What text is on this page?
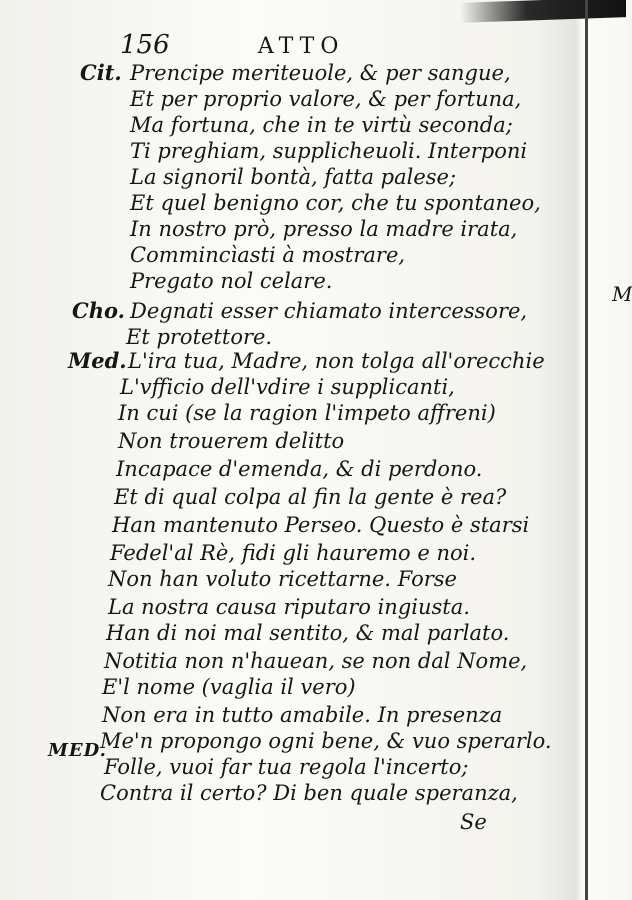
M
156	ATTO
Cit.
Cho.
Med.
MED.
Prencipe meriteuole, & per sangue,
Et per proprio valore, & per fortuna,
Ma fortuna, che in te virtù seconda;
Ti preghiam, supplicheuoli. Interponi
La signoril bontà, fatta palese;
Et quel benigno cor, che tu spontaneo,
In nostro prò, presso la madre irata,
Commincìasti à mostrare,
Pregato nol celare.
Degnati esser chiamato intercessore,
Et protettore.
L'ira tua, Madre, non tolga all'orecchie
L'vfficio dell'vdire i supplicanti,
In cui (se la ragion l'impeto affreni)
Non trouerem delitto
Incapace d'emenda, & di perdono.
Et di qual colpa al fin la gente è rea?
Han mantenuto Perseo. Questo è starsi
Fedel'al Rè, fidi gli hauremo e noi.
Non han voluto ricettarne. Forse
La nostra causa riputaro ingiusta.
Han di noi mal sentito, & mal parlato.
Notitia non n'hauean, se non dal Nome,
E'l nome (vaglia il vero)
Non era in tutto amabile. In presenza
Me'n propongo ogni bene, & vuo sperarlo.
Folle, vuoi far tua regola l'incerto;
Contra il certo? Di ben quale speranza,
Se
